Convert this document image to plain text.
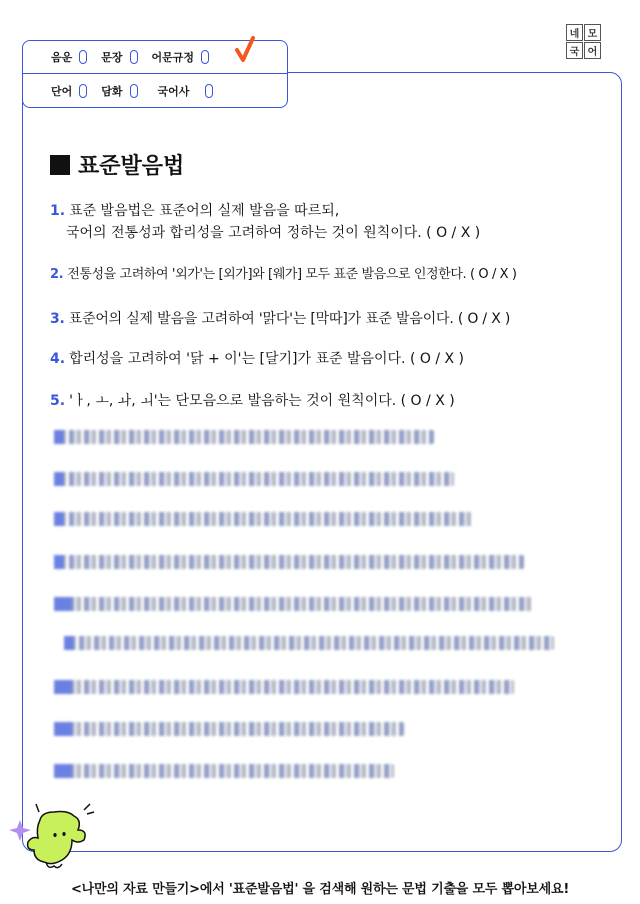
네 모
국 어
음운	문장	어문규정
단어	담화	국어사
표준발음법
1. 표준 발음법은 표준어의 실제 발음을 따르되,
국어의 전통성과 합리성을 고려하여 정하는 것이 원칙이다. ( O / X )
2. 전통성을 고려하여 '외가'는 [외가]와 [웨가] 모두 표준 발음으로 인정한다. ( O / X )
3. 표준어의 실제 발음을 고려하여 '맑다'는 [막따]가 표준 발음이다. ( O / X )
4. 합리성을 고려하여 '닭 + 이'는 [달기]가 표준 발음이다. ( O / X )
5. 'ㅏ, ㅗ, ㅘ, ㅚ'는 단모음으로 발음하는 것이 원칙이다. ( O / X )
<나만의 자료 만들기>에서 '표준발음법' 을 검색해 원하는 문법 기출을 모두 뽑아보세요!
